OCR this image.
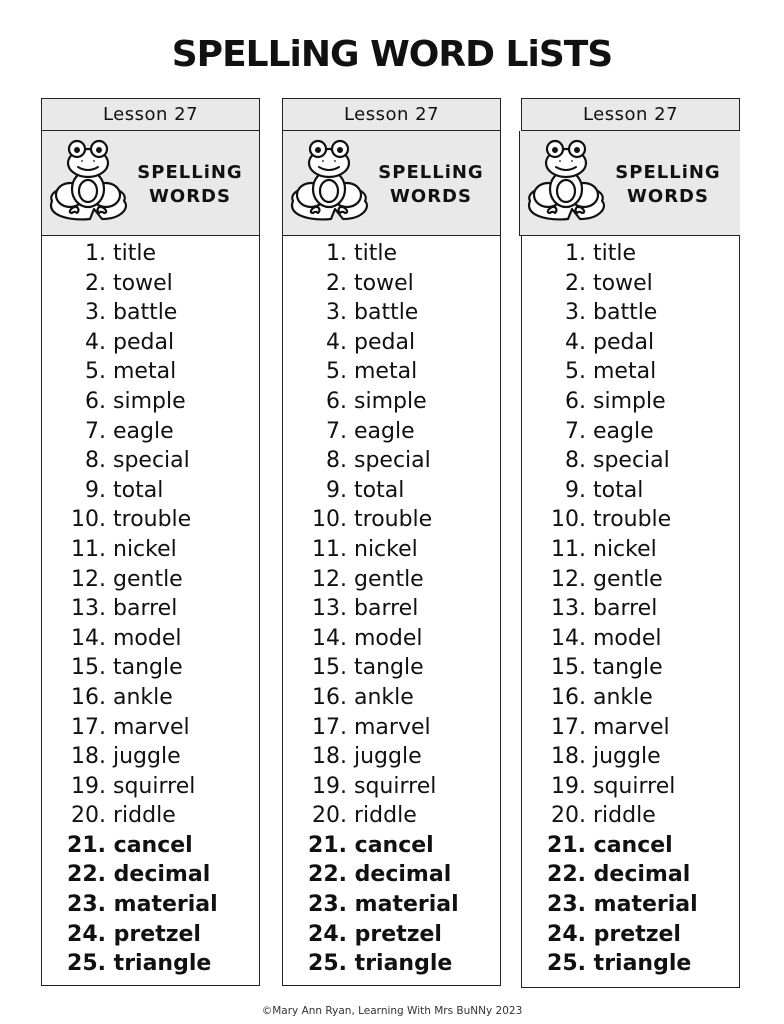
SPELLiNG WORD LiSTS
Lesson 27
SPELLiNG
WORDS
1. title
2. towel
3. battle
4. pedal
5. metal
6. simple
7. eagle
8. special
9. total
10. trouble
11. nickel
12. gentle
13. barrel
14. model
15. tangle
16. ankle
17. marvel
18. juggle
19. squirrel
20. riddle
21. cancel
22. decimal
23. material
24. pretzel
25. triangle
Lesson 27
SPELLiNG
WORDS
1. title
2. towel
3. battle
4. pedal
5. metal
6. simple
7. eagle
8. special
9. total
10. trouble
11. nickel
12. gentle
13. barrel
14. model
15. tangle
16. ankle
17. marvel
18. juggle
19. squirrel
20. riddle
21. cancel
22. decimal
23. material
24. pretzel
25. triangle
Lesson 27
SPELLiNG
WORDS
1. title
2. towel
3. battle
4. pedal
5. metal
6. simple
7. eagle
8. special
9. total
10. trouble
11. nickel
12. gentle
13. barrel
14. model
15. tangle
16. ankle
17. marvel
18. juggle
19. squirrel
20. riddle
21. cancel
22. decimal
23. material
24. pretzel
25. triangle
©Mary Ann Ryan, Learning With Mrs BuNNy 2023
